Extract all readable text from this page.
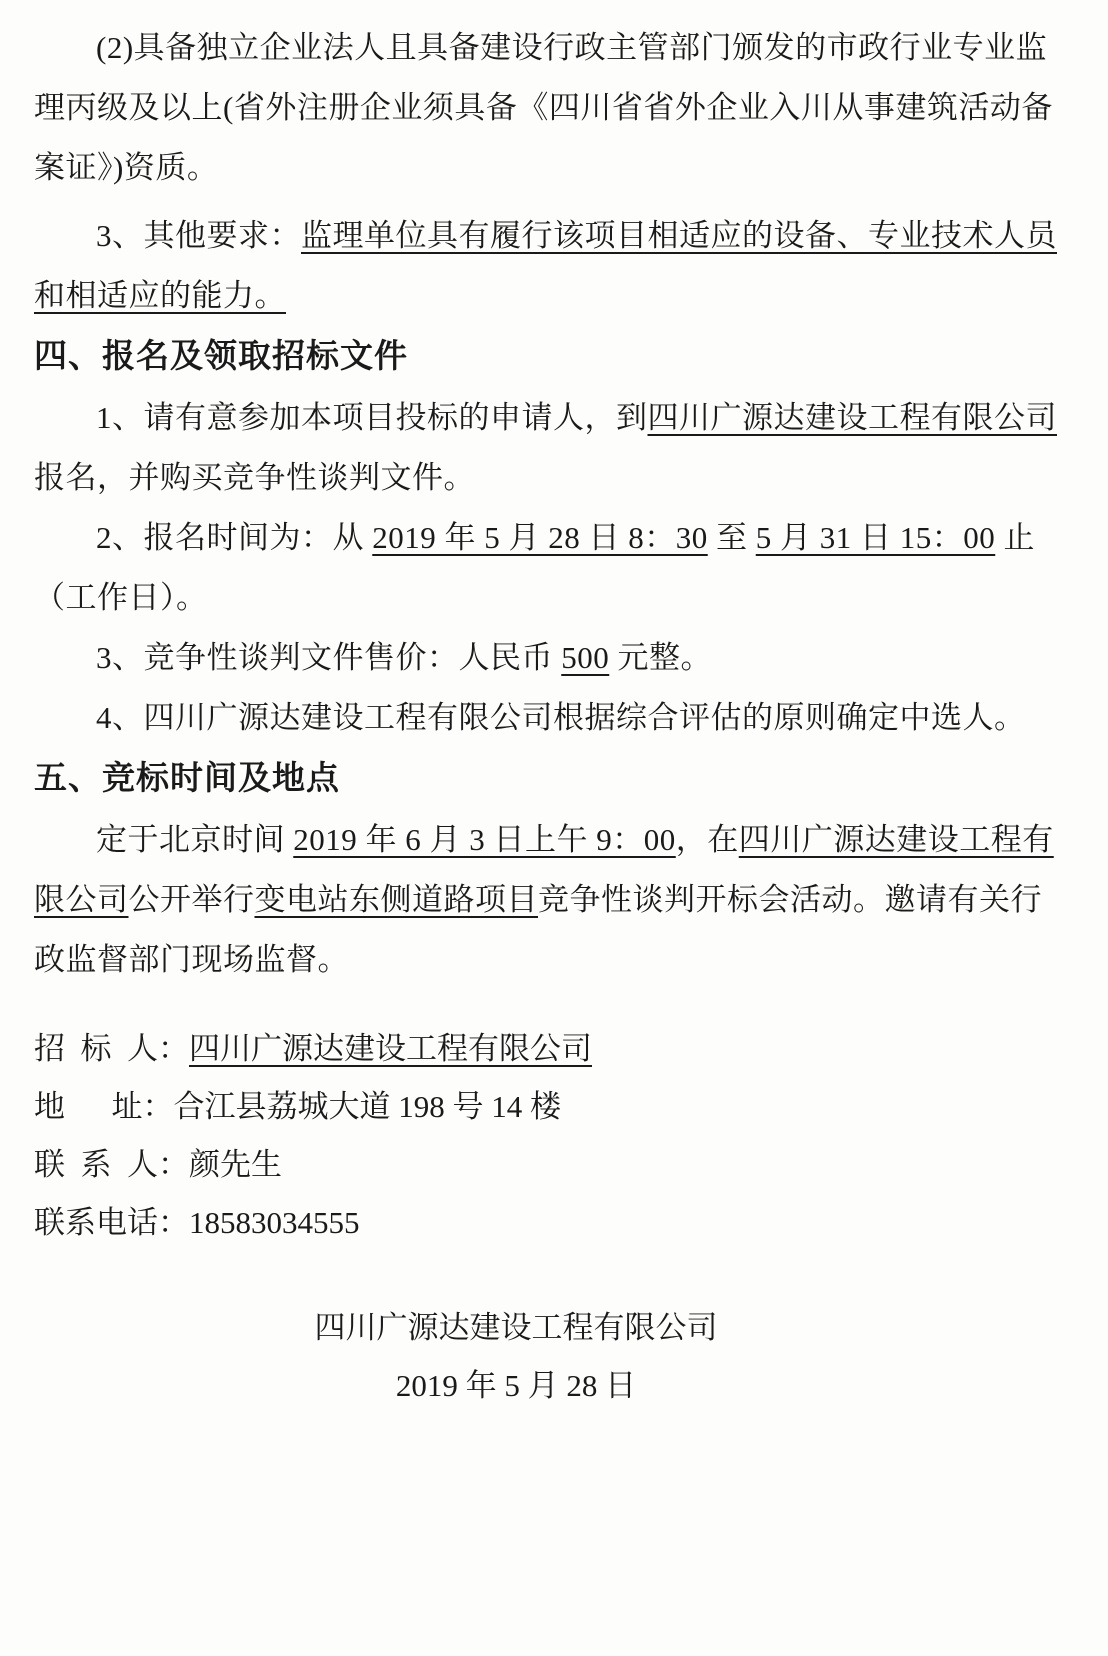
(2)具备独立企业法人且具备建设行政主管部门颁发的市政行业专业监理丙级及以上(省外注册企业须具备《四川省省外企业入川从事建筑活动备案证》)资质。

3、其他要求：监理单位具有履行该项目相适应的设备、专业技术人员和相适应的能力。

四、报名及领取招标文件

1、请有意参加本项目投标的申请人，到四川广源达建设工程有限公司报名，并购买竞争性谈判文件。

2、报名时间为：从 2019 年 5 月 28 日 8：30 至 5 月 31 日 15：00 止（工作日）。

3、竞争性谈判文件售价：人民币 500 元整。

4、四川广源达建设工程有限公司根据综合评估的原则确定中选人。

五、竞标时间及地点

定于北京时间 2019 年 6 月 3 日上午 9：00，在四川广源达建设工程有限公司公开举行变电站东侧道路项目竞争性谈判开标会活动。邀请有关行政监督部门现场监督。

招  标  人：四川广源达建设工程有限公司

地      址：合江县荔城大道 198 号 14 楼

联  系  人：颜先生

联系电话：18583034555

四川广源达建设工程有限公司

2019 年 5 月 28 日
